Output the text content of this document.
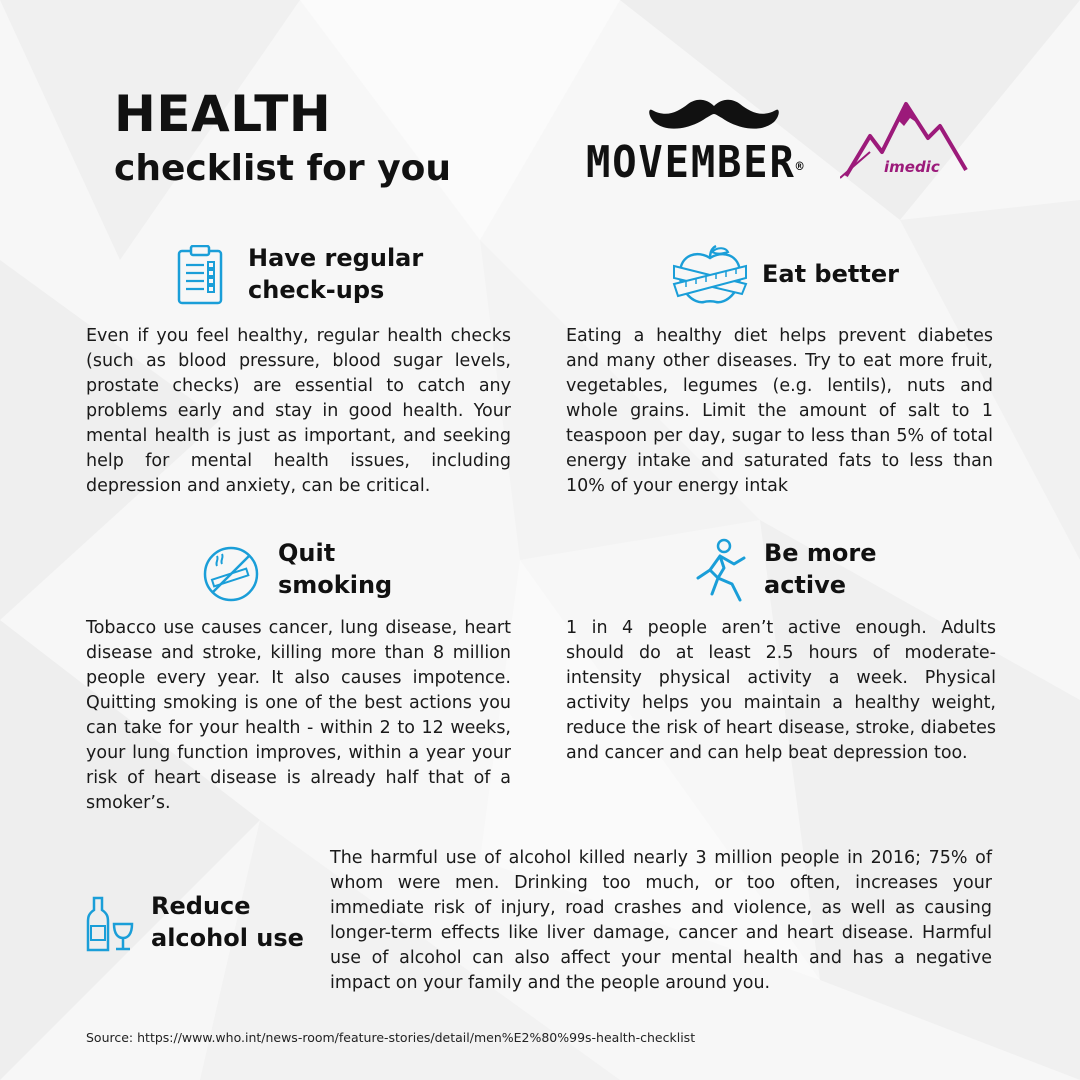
HEALTH
checklist for you	MOVEMBER®	imedic
Have regular
check-ups
Even if you feel healthy, regular health checks (such as blood pressure, blood sugar levels, prostate checks) are essential to catch any problems early and stay in good health. Your mental health is just as important, and seeking help for mental health issues, including depression and anxiety, can be critical.
Eat better
Eating a healthy diet helps prevent diabetes and many other diseases. Try to eat more fruit, vegetables, legumes (e.g. lentils), nuts and whole grains. Limit the amount of salt to 1 teaspoon per day, sugar to less than 5% of total energy intake and saturated fats to less than 10% of your energy intak
Quit
smoking
Tobacco use causes cancer, lung disease, heart disease and stroke, killing more than 8 million people every year. It also causes impotence. Quitting smoking is one of the best actions you can take for your health - within 2 to 12 weeks, your lung function improves, within a year your risk of heart disease is already half that of a smoker’s.
Be more
active
1 in 4 people aren’t active enough. Adults should do at least 2.5 hours of moderate-intensity physical activity a week. Physical activity helps you maintain a healthy weight, reduce the risk of heart disease, stroke, diabetes and cancer and can help beat depression too.
Reduce
alcohol use
The harmful use of alcohol killed nearly 3 million people in 2016; 75% of whom were men. Drinking too much, or too often, increases your immediate risk of injury, road crashes and violence, as well as causing longer-term effects like liver damage, cancer and heart disease. Harmful use of alcohol can also affect your mental health and has a negative impact on your family and the people around you.
Source: https://www.who.int/news-room/feature-stories/detail/men%E2%80%99s-health-checklist
